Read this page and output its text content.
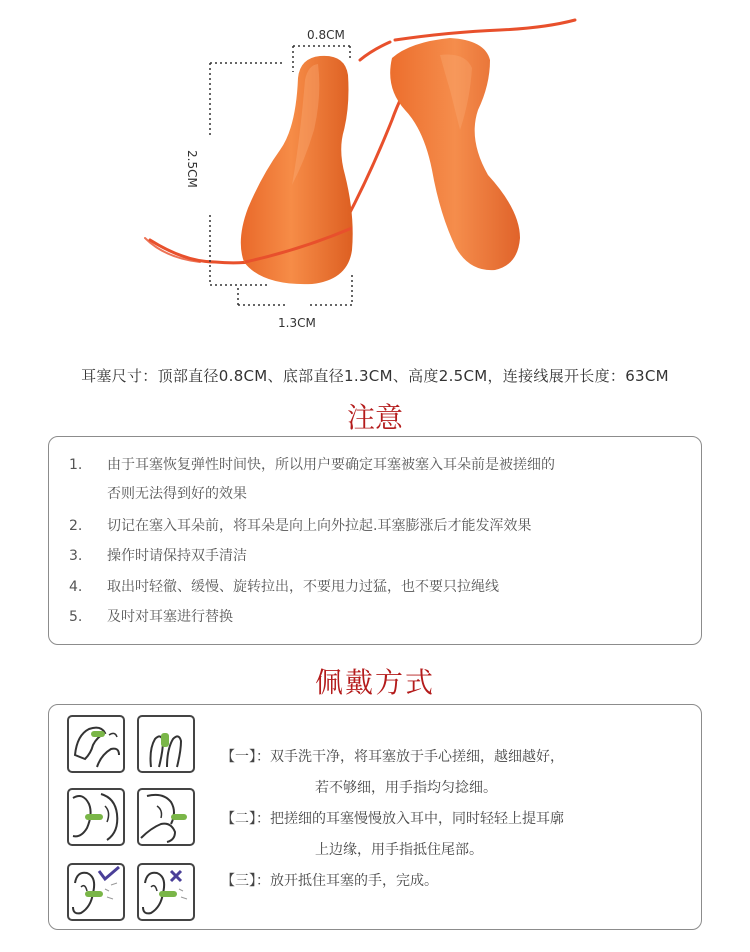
0.8CM
2.5CM
1.3CM
耳塞尺寸：顶部直径0.8CM、底部直径1.3CM、高度2.5CM，连接线展开长度：63CM
注意
1.	由于耳塞恢复弹性时间快，所以用户要确定耳塞被塞入耳朵前是被搓细的
否则无法得到好的效果
2.	切记在塞入耳朵前，将耳朵是向上向外拉起.耳塞膨涨后才能发浑效果
3.	操作时请保持双手清洁
4.	取出吋轻徹、缓慢、旋转拉出，不要甩力过猛，也不要只拉绳线
5.	及吋对耳塞进行替换
佩戴方式
【一】：双手洗干净，将耳塞放于手心搓细，越细越好，
若不够细，用手指均匀捻细。
【二】：把搓细的耳塞慢慢放入耳中，同时轻轻上提耳廓
上边缘，用手指抵住尾部。
【三】：放开抵住耳塞的手，完成。
